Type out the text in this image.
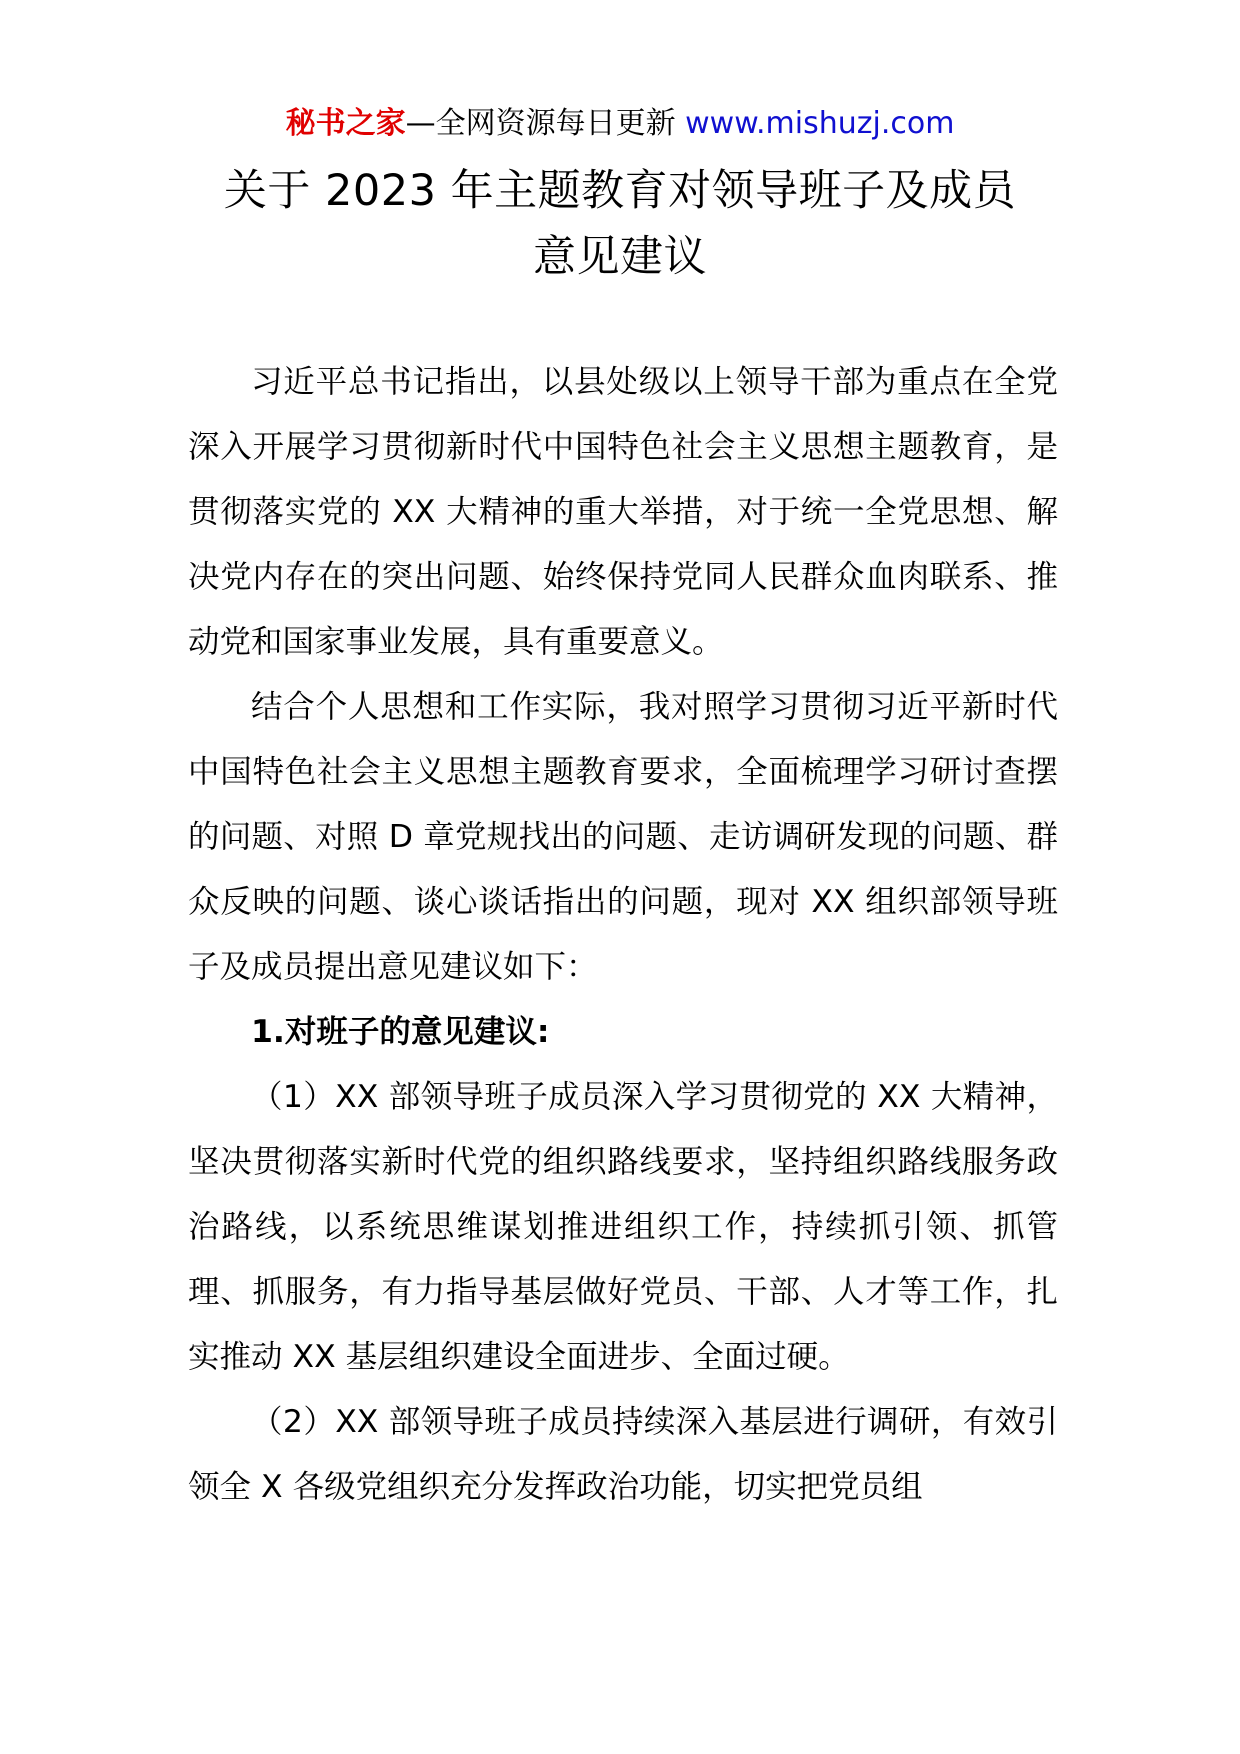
秘书之家—全网资源每日更新 www.mishuzj.com
关于 2023 年主题教育对领导班子及成员
意见建议

习近平总书记指出，以县处级以上领导干部为重点在全党深入开展学习贯彻新时代中国特色社会主义思想主题教育，是贯彻落实党的 XX 大精神的重大举措，对于统一全党思想、解决党内存在的突出问题、始终保持党同人民群众血肉联系、推动党和国家事业发展，具有重要意义。

结合个人思想和工作实际，我对照学习贯彻习近平新时代中国特色社会主义思想主题教育要求，全面梳理学习研讨查摆的问题、对照 D 章党规找出的问题、走访调研发现的问题、群众反映的问题、谈心谈话指出的问题，现对 XX 组织部领导班子及成员提出意见建议如下：

1.对班子的意见建议:

（1）XX 部领导班子成员深入学习贯彻党的 XX 大精神，坚决贯彻落实新时代党的组织路线要求，坚持组织路线服务政治路线，以系统思维谋划推进组织工作，持续抓引领、抓管理、抓服务，有力指导基层做好党员、干部、人才等工作，扎实推动 XX 基层组织建设全面进步、全面过硬。

（2）XX 部领导班子成员持续深入基层进行调研，有效引领全 X 各级党组织充分发挥政治功能，切实把党员组
